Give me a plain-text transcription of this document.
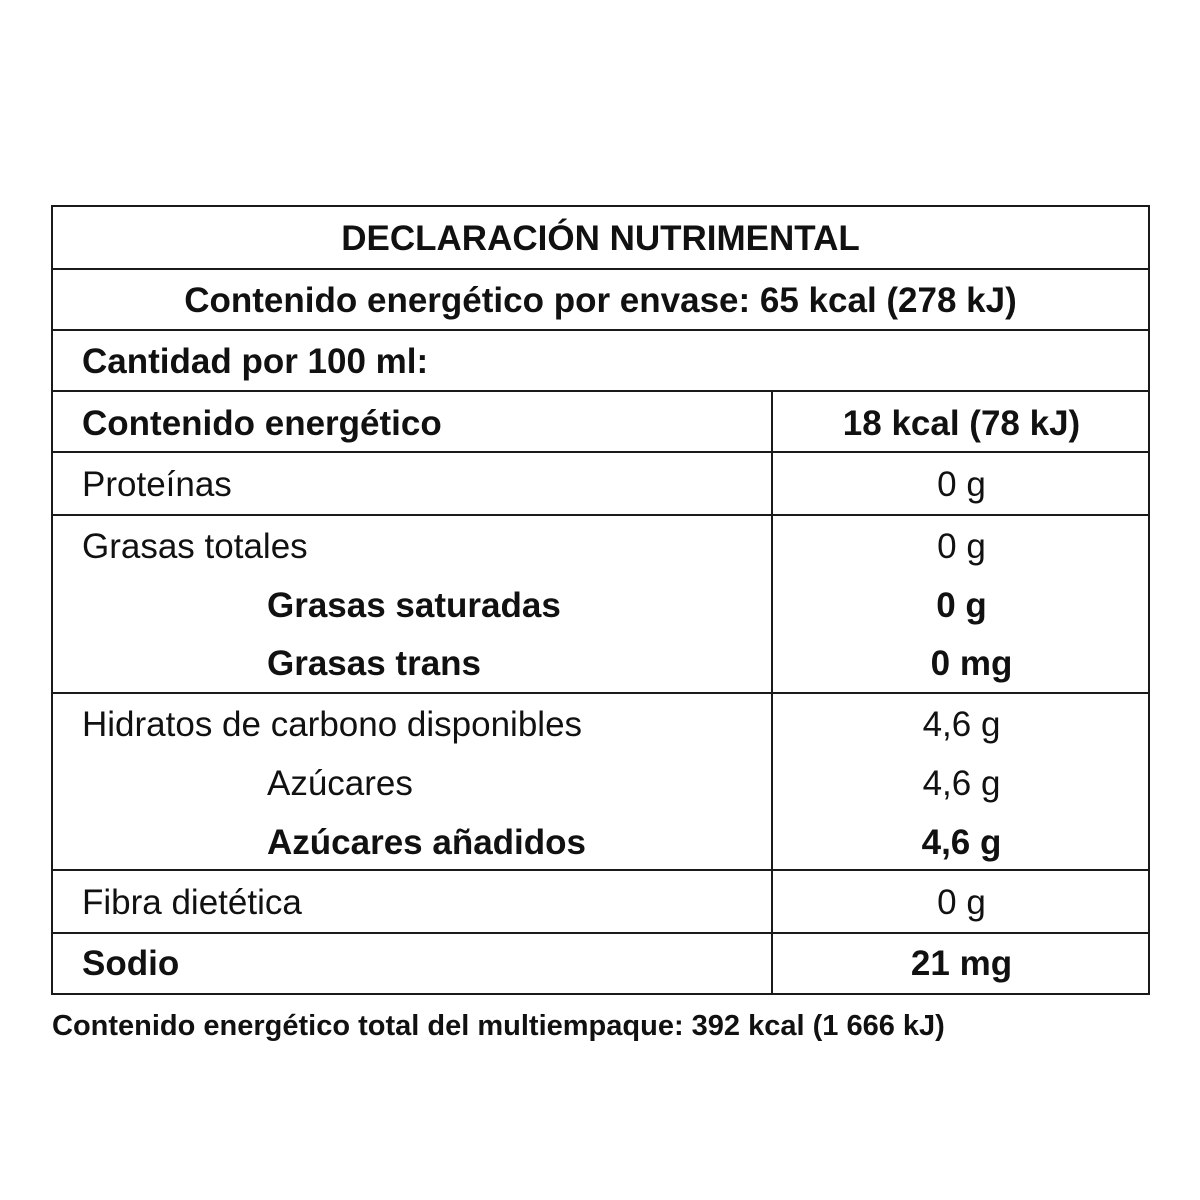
DECLARACIÓN NUTRIMENTAL
Contenido energético por envase: 65 kcal (278 kJ)
Cantidad por 100 ml:
Contenido energético	18 kcal (78 kJ)
Proteínas	0 g
Grasas totales	0 g
Grasas saturadas	0 g
Grasas trans	0 mg
Hidratos de carbono disponibles	4,6 g
Azúcares	4,6 g
Azúcares añadidos	4,6 g
Fibra dietética	0 g
Sodio	21 mg
Contenido energético total del multiempaque: 392 kcal (1 666 kJ)
